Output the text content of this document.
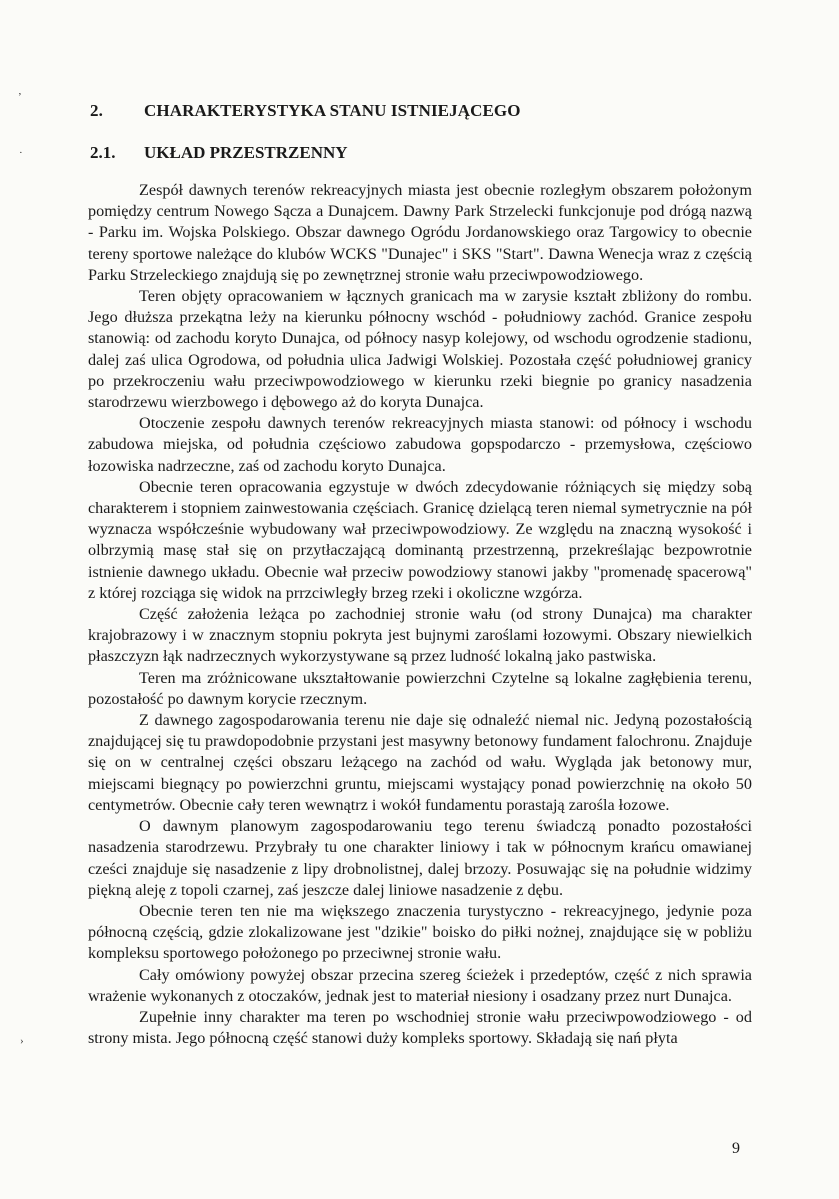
’
·
›
2. CHARAKTERYSTYKA STANU ISTNIEJĄCEGO
2.1. UKŁAD PRZESTRZENNY

Zespół dawnych terenów rekreacyjnych miasta jest obecnie rozległym obszarem położonym pomiędzy centrum Nowego Sącza a Dunajcem. Dawny Park Strzelecki funkcjonuje pod drógą nazwą - Parku im. Wojska Polskiego. Obszar dawnego Ogródu Jordanowskiego oraz Targowicy to obecnie tereny sportowe należące do klubów WCKS "Dunajec" i SKS "Start". Dawna Wenecja wraz z częścią Parku Strzeleckiego znajdują się po zewnętrznej stronie wału przeciwpowodziowego.

Teren objęty opracowaniem w łącznych granicach ma w zarysie kształt zbliżony do rombu. Jego dłuższa przekątna leży na kierunku północny wschód - południowy zachód. Granice zespołu stanowią: od zachodu koryto Dunajca, od północy nasyp kolejowy, od wschodu ogrodzenie stadionu, dalej zaś ulica Ogrodowa, od południa ulica Jadwigi Wolskiej. Pozostała część południowej granicy po przekroczeniu wału przeciwpowodziowego w kierunku rzeki biegnie po granicy nasadzenia starodrzewu wierzbowego i dębowego aż do koryta Dunajca.

Otoczenie zespołu dawnych terenów rekreacyjnych miasta stanowi: od północy i wschodu zabudowa miejska, od południa częściowo zabudowa gopspodarczo - przemysłowa, częściowo łozowiska nadrzeczne, zaś od zachodu koryto Dunajca.

Obecnie teren opracowania egzystuje w dwóch zdecydowanie różniących się między sobą charakterem i stopniem zainwestowania częściach. Granicę dzielącą teren niemal symetrycznie na pół wyznacza współcześnie wybudowany wał przeciwpowodziowy. Ze względu na znaczną wysokość i olbrzymią masę stał się on przytłaczającą dominantą przestrzenną, przekreślając bezpowrotnie istnienie dawnego układu. Obecnie wał przeciw powodziowy stanowi jakby "promenadę spacerową" z której rozciąga się widok na prrzciwległy brzeg rzeki i okoliczne wzgórza.

Część założenia leżąca po zachodniej stronie wału (od strony Dunajca) ma charakter krajobrazowy i w znacznym stopniu pokryta jest bujnymi zaroślami łozowymi. Obszary niewielkich płaszczyzn łąk nadrzecznych wykorzystywane są przez ludność lokalną jako pastwiska.

Teren ma zróżnicowane ukształtowanie powierzchni Czytelne są lokalne zagłębienia terenu, pozostałość po dawnym korycie rzecznym.

Z dawnego zagospodarowania terenu nie daje się odnaleźć niemal nic. Jedyną pozostałością znajdującej się tu prawdopodobnie przystani jest masywny betonowy fundament falochronu. Znajduje się on w centralnej części obszaru leżącego na zachód od wału. Wygląda jak betonowy mur, miejscami biegnący po powierzchni gruntu, miejscami wystający ponad powierzchnię na około 50 centymetrów. Obecnie cały teren wewnątrz i wokół fundamentu porastają zarośla łozowe.

O dawnym planowym zagospodarowaniu tego terenu świadczą ponadto pozostałości nasadzenia starodrzewu. Przybrały tu one charakter liniowy i tak w północnym krańcu omawianej cześci znajduje się nasadzenie z lipy drobnolistnej, dalej brzozy. Posuwając się na południe widzimy piękną aleję z topoli czarnej, zaś jeszcze dalej liniowe nasadzenie z dębu.

Obecnie teren ten nie ma większego znaczenia turystyczno - rekreacyjnego, jedynie poza północną częścią, gdzie zlokalizowane jest "dzikie" boisko do piłki nożnej, znajdujące się w pobliżu kompleksu sportowego położonego po przeciwnej stronie wału.

Cały omówiony powyżej obszar przecina szereg ścieżek i przedeptów, część z nich sprawia wrażenie wykonanych z otoczaków, jednak jest to materiał niesiony i osadzany przez nurt Dunajca.

Zupełnie inny charakter ma teren po wschodniej stronie wału przeciwpowodziowego - od strony mista. Jego północną część stanowi duży kompleks sportowy. Składają się nań płyta

9
